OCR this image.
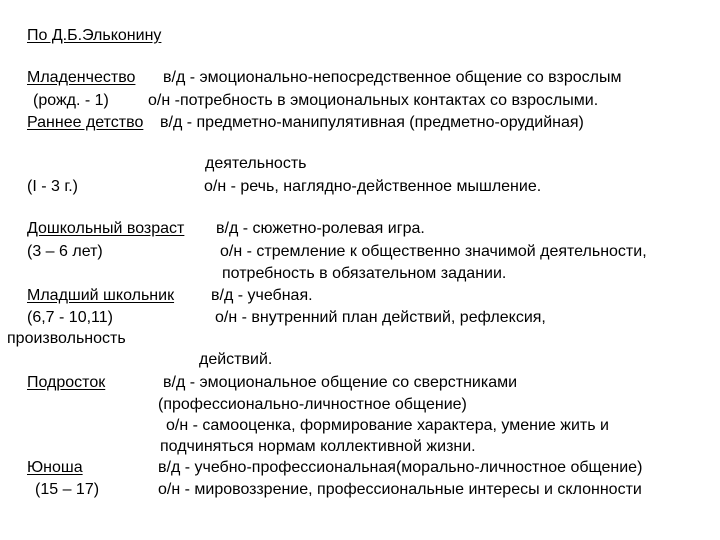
По Д.Б.Эльконину
Младенчество в/д - эмоционально-непосредственное общение со взрослым
(рожд. - 1) о/н -потребность в эмоциональных контактах со взрослыми.
Раннее детство в/д - предметно-манипулятивная (предметно-орудийная)
деятельность
(I - 3 г.)	о/н - речь, наглядно-действенное мышление.
Дошкольный возраст в/д - сюжетно-ролевая игра.
(3 – 6 лет)	о/н - стремление к общественно значимой деятельности,
потребность в обязательном задании.
Младший школьник в/д - учебная.
(6,7 - 10,11)	о/н - внутренний план действий, рефлексия,
произвольность
действий.
Подросток	в/д - эмоциональное общение со сверстниками
(профессионально-личностное общение)
о/н - самооценка, формирование характера, умение жить и
подчиняться нормам коллективной жизни.
Юноша	в/д - учебно-профессиональная(морально-личностное общение)
(15 – 17)	о/н - мировоззрение, профессиональные интересы и склонности
